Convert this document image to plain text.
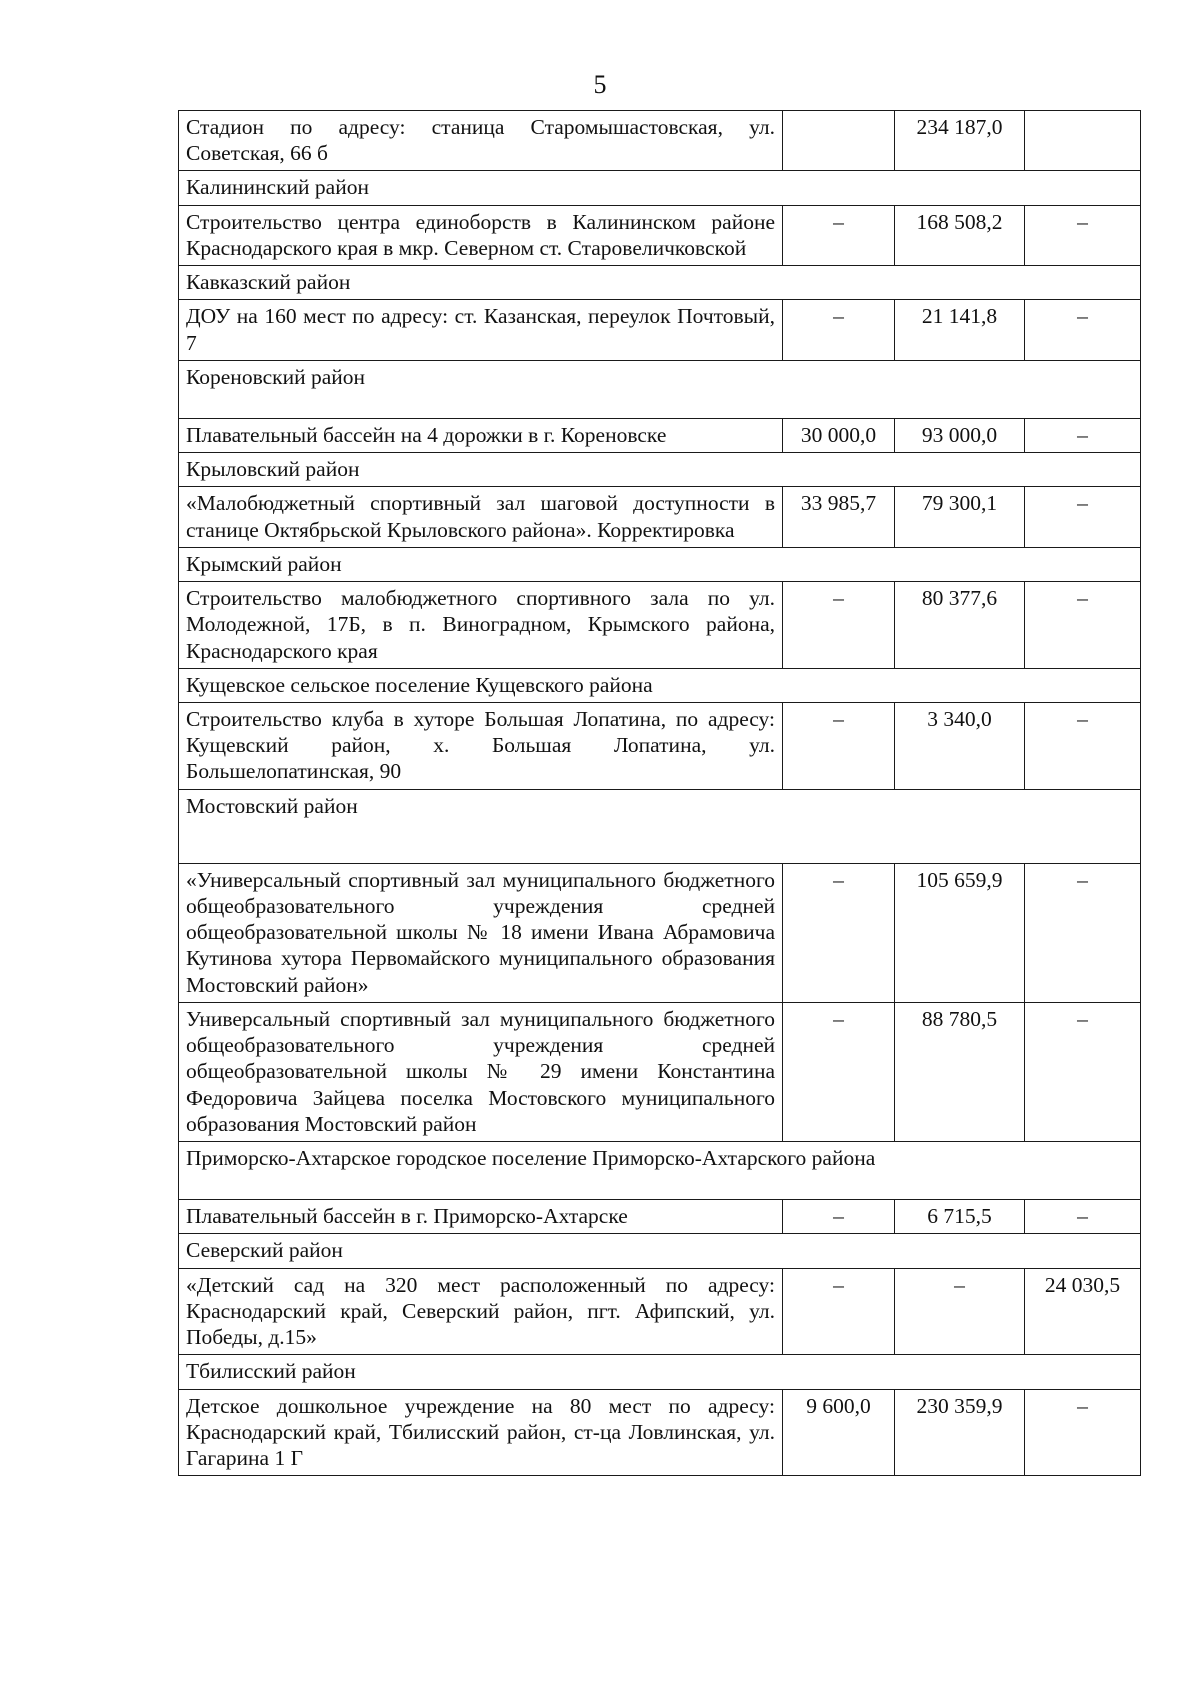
5
Стадион по адресу: станица Старомышастовская, ул. Советская, 66 б		234 187,0	
Калининский район			
Строительство центра единоборств в Калининском районе Краснодарского края в мкр. Северном ст. Старовеличковской	–	168 508,2	–
Кавказский район			
ДОУ на 160 мест по адресу: ст. Казанская, переулок Почтовый, 7	–	21 141,8	–
Кореновский район			
Плавательный бассейн на 4 дорожки в г. Кореновске	30 000,0	93 000,0	–
Крыловский район			
«Малобюджетный спортивный зал шаговой доступности в станице Октябрьской Крыловского района». Корректировка	33 985,7	79 300,1	–
Крымский район			
Строительство малобюджетного спортивного зала по ул. Молодежной, 17Б, в п. Виноградном, Крымского района, Краснодарского края	–	80 377,6	–
Кущевское сельское поселение Кущевского района			
Строительство клуба в хуторе Большая Лопатина, по адресу: Кущевский район, х. Большая Лопатина, ул. Большелопатинская, 90	–	3 340,0	–
Мостовский район			
«Универсальный спортивный зал муниципального бюджетного общеобразовательного учреждения средней общеобразовательной школы № 18 имени Ивана Абрамовича Кутинова хутора Первомайского муниципального образования Мостовский район»	–	105 659,9	–
Универсальный спортивный зал муниципального бюджетного общеобразовательного учреждения средней общеобразовательной школы № 29 имени Константина Федоровича Зайцева поселка Мостовского муниципального образования Мостовский район	–	88 780,5	–
Приморско-Ахтарское городское поселение Приморско-Ахтарского района			
Плавательный бассейн в г. Приморско-Ахтарске	–	6 715,5	–
Северский район			
«Детский сад на 320 мест расположенный по адресу: Краснодарский край, Северский район, пгт. Афипский, ул. Победы, д.15»	–	–	24 030,5
Тбилисский район			
Детское дошкольное учреждение на 80 мест по адресу: Краснодарский край, Тбилисский район, ст-ца Ловлинская, ул. Гагарина 1 Г	9 600,0	230 359,9	–
